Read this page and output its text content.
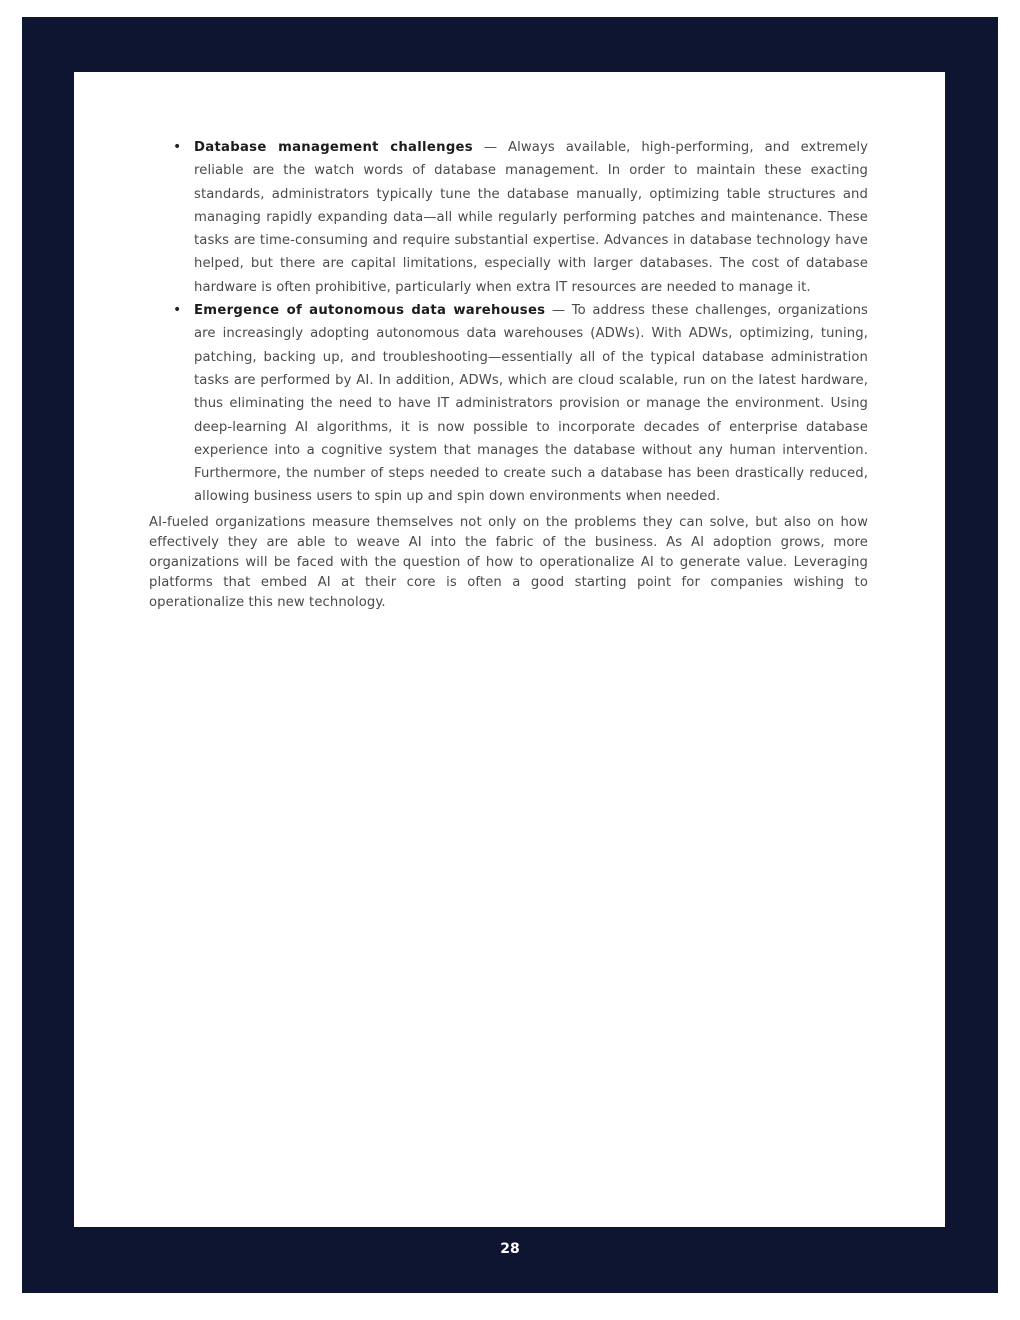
• Database management challenges — Always available, high-performing, and extremely reliable are the watch words of database management. In order to maintain these exacting standards, administrators typically tune the database manually, optimizing table structures and managing rapidly expanding data—all while regularly performing patches and maintenance. These tasks are time-consuming and require substantial expertise. Advances in database technology have helped, but there are capital limitations, especially with larger databases. The cost of database hardware is often prohibitive, particularly when extra IT resources are needed to manage it.
• Emergence of autonomous data warehouses — To address these challenges, organizations are increasingly adopting autonomous data warehouses (ADWs). With ADWs, optimizing, tuning, patching, backing up, and troubleshooting—essentially all of the typical database administration tasks are performed by AI. In addition, ADWs, which are cloud scalable, run on the latest hardware, thus eliminating the need to have IT administrators provision or manage the environment. Using deep-learning AI algorithms, it is now possible to incorporate decades of enterprise database experience into a cognitive system that manages the database without any human intervention. Furthermore, the number of steps needed to create such a database has been drastically reduced, allowing business users to spin up and spin down environments when needed.

AI-fueled organizations measure themselves not only on the problems they can solve, but also on how effectively they are able to weave AI into the fabric of the business. As AI adoption grows, more organizations will be faced with the question of how to operationalize AI to generate value. Leveraging platforms that embed AI at their core is often a good starting point for companies wishing to operationalize this new technology.

28
